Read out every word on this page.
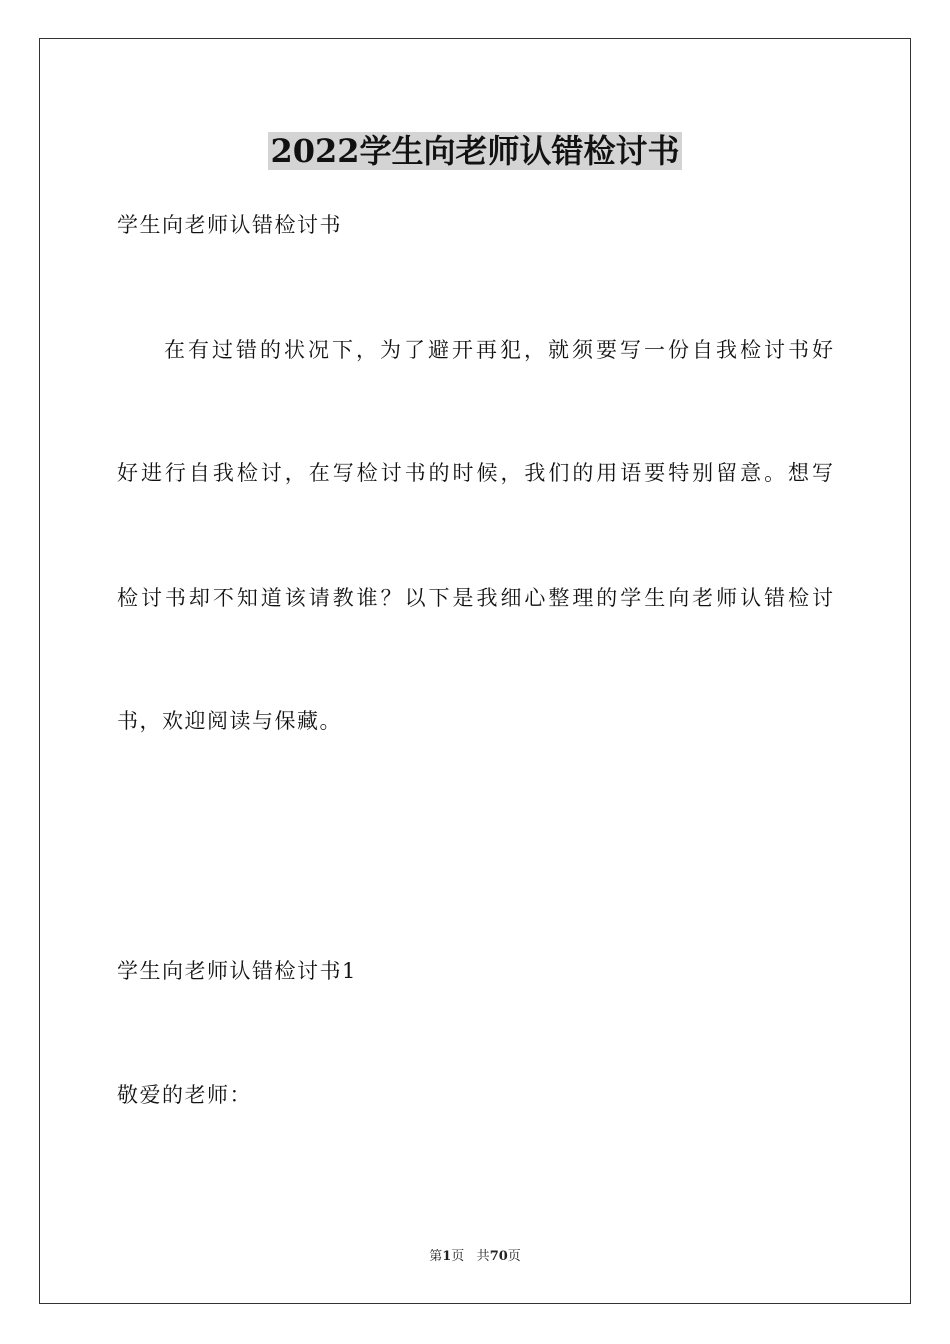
2022学生向老师认错检讨书
学生向老师认错检讨书
在有过错的状况下，为了避开再犯，就须要写一份自我检讨书好
好进行自我检讨，在写检讨书的时候，我们的用语要特别留意。想写
检讨书却不知道该请教谁？以下是我细心整理的学生向老师认错检讨
书，欢迎阅读与保藏。
学生向老师认错检讨书1
敬爱的老师：
第1页 共70页
